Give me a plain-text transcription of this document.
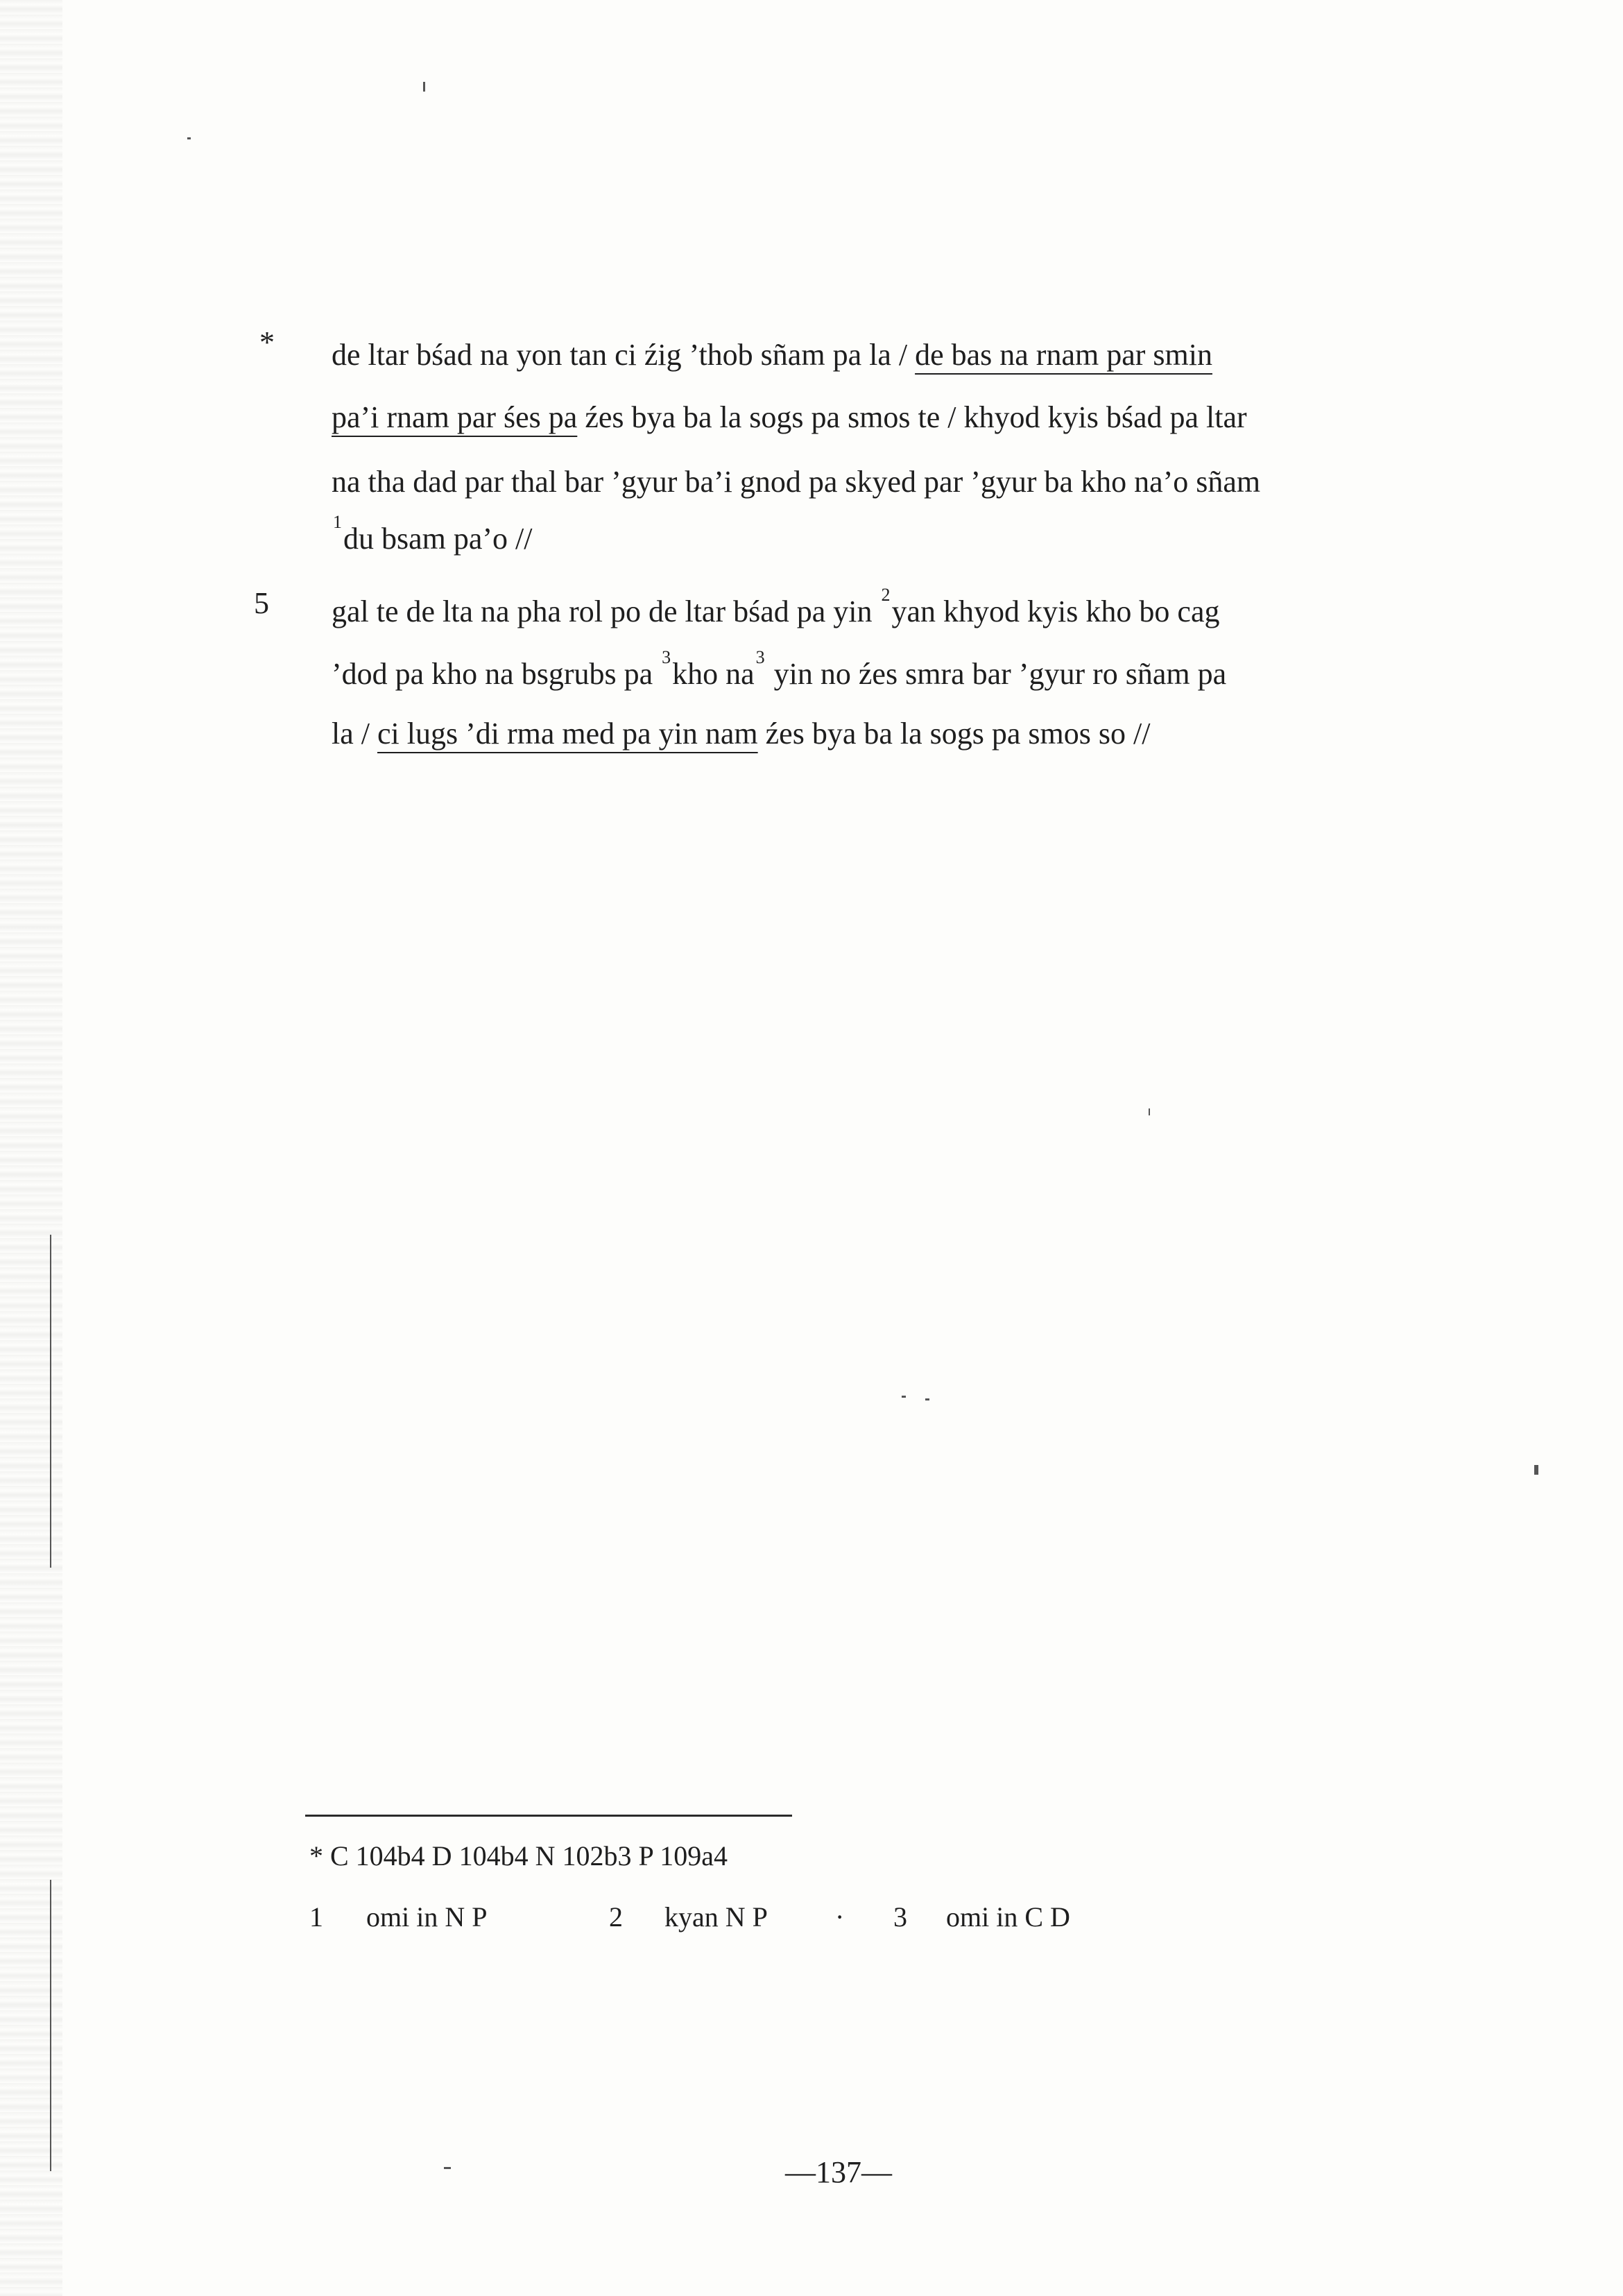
*
5
de ltar bśad na yon tan ci źig ’thob sñam pa la / de bas na rnam par smin
pa’i rnam par śes pa źes bya ba la sogs pa smos te / khyod kyis bśad pa ltar
na tha dad par thal bar ’gyur ba’i gnod pa skyed par ’gyur ba kho na’o sñam
$^1$du bsam pa’o //
gal te de lta na pha rol po de ltar bśad pa yin $^2$yan khyod kyis kho bo cag
’dod pa kho na bsgrubs pa $^3$kho $na^3$ yin no źes smra bar ’gyur ro sñam pa
la / ci lugs ’di rma med pa yin nam źes bya ba la sogs pa smos so //
* C 104b4 D 104b4 N 102b3 P 109a4
1 omi in N P	2 kyan N P · 3 omi in C D
—137—
